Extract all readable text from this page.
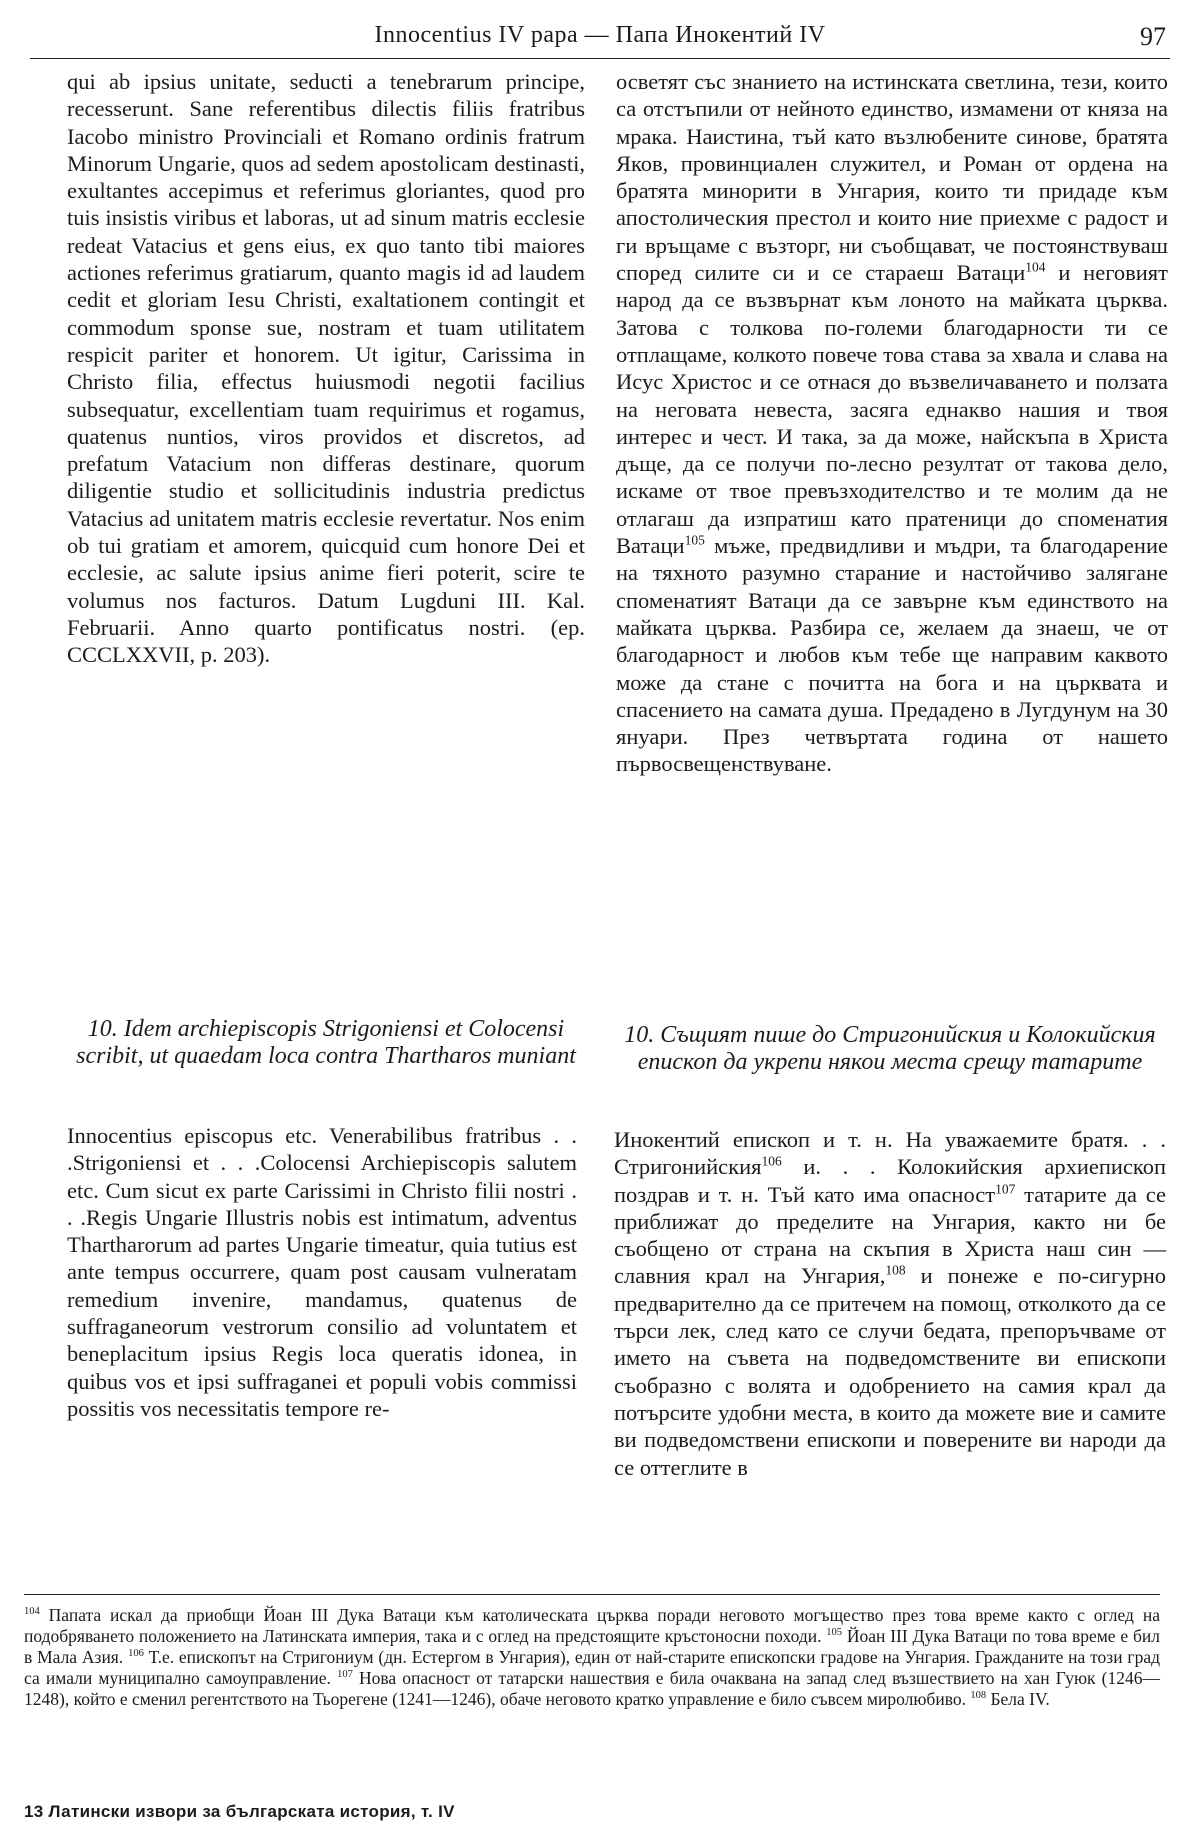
Innocentius IV papa — Папа Инокентий IV	97

qui ab ipsius unitate, seducti a tenebrarum principe, recesserunt. Sane referentibus dilectis filiis fratribus Iacobo ministro Provinciali et Romano ordinis fratrum Minorum Ungarie, quos ad sedem apostolicam destinasti, exultantes accepimus et referimus gloriantes, quod pro tuis insistis viribus et laboras, ut ad sinum matris ecclesie redeat Vatacius et gens eius, ex quo tanto tibi maiores actiones referimus gratiarum, quanto magis id ad laudem cedit et gloriam Iesu Christi, exaltationem contingit et commodum sponse sue, nostram et tuam utilitatem respicit pariter et honorem. Ut igitur, Carissima in Christo filia, effectus huiusmodi negotii facilius subsequatur, excellentiam tuam requirimus et rogamus, quatenus nuntios, viros providos et discretos, ad prefatum Vatacium non differas destinare, quorum diligentie studio et sollicitudinis industria predictus Vatacius ad unitatem matris ecclesie revertatur. Nos enim ob tui gratiam et amorem, quicquid cum honore Dei et ecclesie, ac salute ipsius anime fieri poterit, scire te volumus nos facturos. Datum Lugduni III. Kal. Februarii. Anno quarto pontificatus nostri. (ep. CCCLXXVII, p. 203).

осветят със знанието на истинската светлина, тези, които са отстъпили от нейното единство, измамени от княза на мрака. Наистина, тъй като възлюбените синове, братята Яков, провинциален служител, и Роман от ордена на братята минорити в Унгария, които ти придаде към апостолическия престол и които ние приехме с радост и ги връщаме с възторг, ни съобщават, че постоянствуваш според силите си и се стараеш Ватаци$^{104}$ и неговият народ да се възвърнат към лоното на майката църква. Затова с толкова по-големи благодарности ти се отплащаме, колкото повече това става за хвала и слава на Исус Христос и се отнася до възвеличаването и ползата на неговата невеста, засяга еднакво нашия и твоя интерес и чест. И така, за да може, найскъпа в Христа дъще, да се получи по-лесно резултат от такова дело, искаме от твое превъзходителство и те молим да не отлагаш да изпратиш като пратеници до споменатия Ватаци$^{105}$ мъже, предвидливи и мъдри, та благодарение на тяхното разумно старание и настойчиво залягане споменатият Ватаци да се завърне към единството на майката църква. Разбира се, желаем да знаеш, че от благодарност и любов към тебе ще направим каквото може да стане с почитта на бога и на църквата и спасението на самата душа. Предадено в Лугдунум на 30 януари. През четвъртата година от нашето първосвещенствуване.

10. Idem archiepiscopis Strigoniensi et Colocensi scribit, ut quaedam loca contra Thartharos muniant
10. Същият пише до Стригонийския и Колокийския епископ да укрепи някои места срещу татарите
Innocentius episcopus etc. Venerabilibus fratribus . . .Strigoniensi et . . .Colocensi Archiepiscopis salutem etc. Cum sicut ex parte Carissimi in Christo filii nostri . . .Regis Ungarie Illustris nobis est intimatum, adventus Thartharorum ad partes Ungarie timeatur, quia tutius est ante tempus occurrere, quam post causam vulneratam remedium invenire, mandamus, quatenus de suffraganeorum vestrorum consilio ad voluntatem et beneplacitum ipsius Regis loca queratis idonea, in quibus vos et ipsi suffraganei et populi vobis commissi possitis vos necessitatis tempore re-
Инокентий епископ и т. н. На уважаемите братя. . . Стригонийския$^{106}$ и. . . Колокийския архиепископ поздрав и т. н. Тъй като има опасност$^{107}$ татарите да се приближат до пределите на Унгария, както ни бе съобщено от страна на скъпия в Христа наш син — славния крал на Унгария,$^{108}$ и понеже е по-сигурно предварително да се притечем на помощ, отколкото да се търси лек, след като се случи бедата, препоръчваме от името на съвета на подведомствените ви епископи съобразно с волята и одобрението на самия крал да потърсите удобни места, в които да можете вие и самите ви подведомствени епископи и поверените ви народи да се оттеглите в
$^{104}$ Папата искал да приобщи Йоан III Дука Ватаци към католическата църква поради неговото могъщество през това време както с оглед на подобряването положението на Латинската империя, така и с оглед на предстоящите кръстоносни походи. $^{105}$ Йоан III Дука Ватаци по това време е бил в Мала Азия. $^{106}$ Т.е. епископът на Стригониум (дн. Естергом в Унгария), един от най-старите епископски градове на Унгария. Гражданите на този град са имали муниципално самоуправление. $^{107}$ Нова опасност от татарски нашествия е била очаквана на запад след възшествието на хан Гуюк (1246—1248), който е сменил регентството на Тьорегене (1241—1246), обаче неговото кратко управление е било съвсем миролюбиво. $^{108}$ Бела IV.
13 Латински извори за българската история, т. IV
